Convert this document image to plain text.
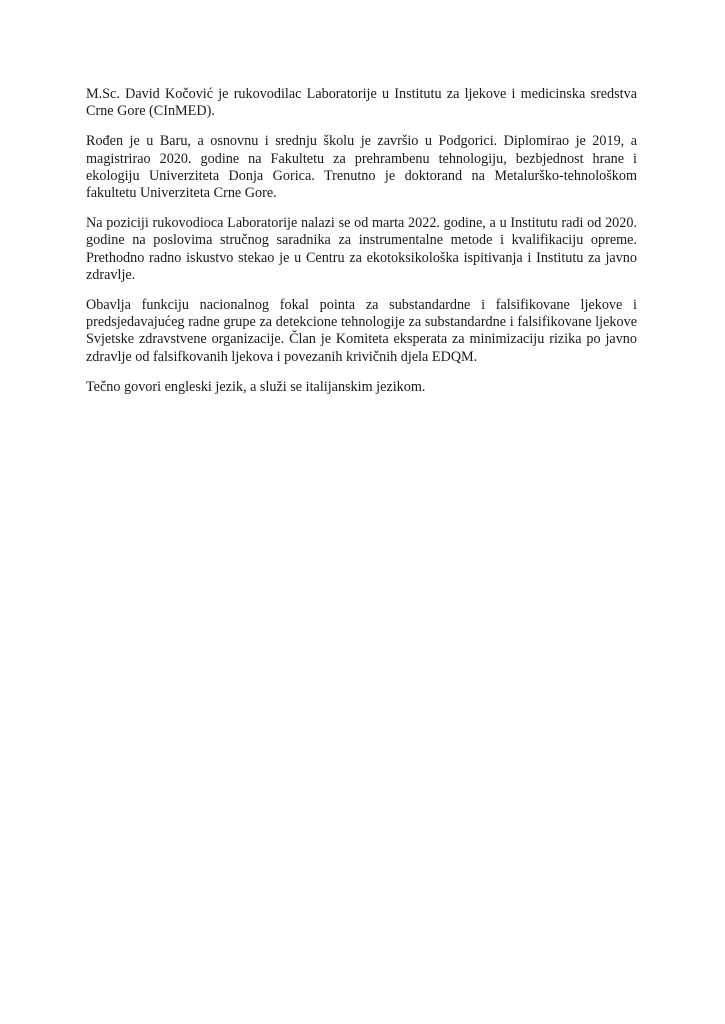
M.Sc. David Kočović je rukovodilac Laboratorije u Institutu za ljekove i medicinska sredstva Crne Gore (CInMED).

Rođen je u Baru, a osnovnu i srednju školu je završio u Podgorici. Diplomirao je 2019, a magistrirao 2020. godine na Fakultetu za prehrambenu tehnologiju, bezbjednost hrane i ekologiju Univerziteta Donja Gorica. Trenutno je doktorand na Metalurško-tehnološkom fakultetu Univerziteta Crne Gore.

Na poziciji rukovodioca Laboratorije nalazi se od marta 2022. godine, a u Institutu radi od 2020. godine na poslovima stručnog saradnika za instrumentalne metode i kvalifikaciju opreme. Prethodno radno iskustvo stekao je u Centru za ekotoksikološka ispitivanja i Institutu za javno zdravlje.

Obavlja funkciju nacionalnog fokal pointa za substandardne i falsifikovane ljekove i predsjedavajućeg radne grupe za detekcione tehnologije za substandardne i falsifikovane ljekove Svjetske zdravstvene organizacije. Član je Komiteta eksperata za minimizaciju rizika po javno zdravlje od falsifkovanih ljekova i povezanih krivičnih djela EDQM.

Tečno govori engleski jezik, a služi se italijanskim jezikom.
